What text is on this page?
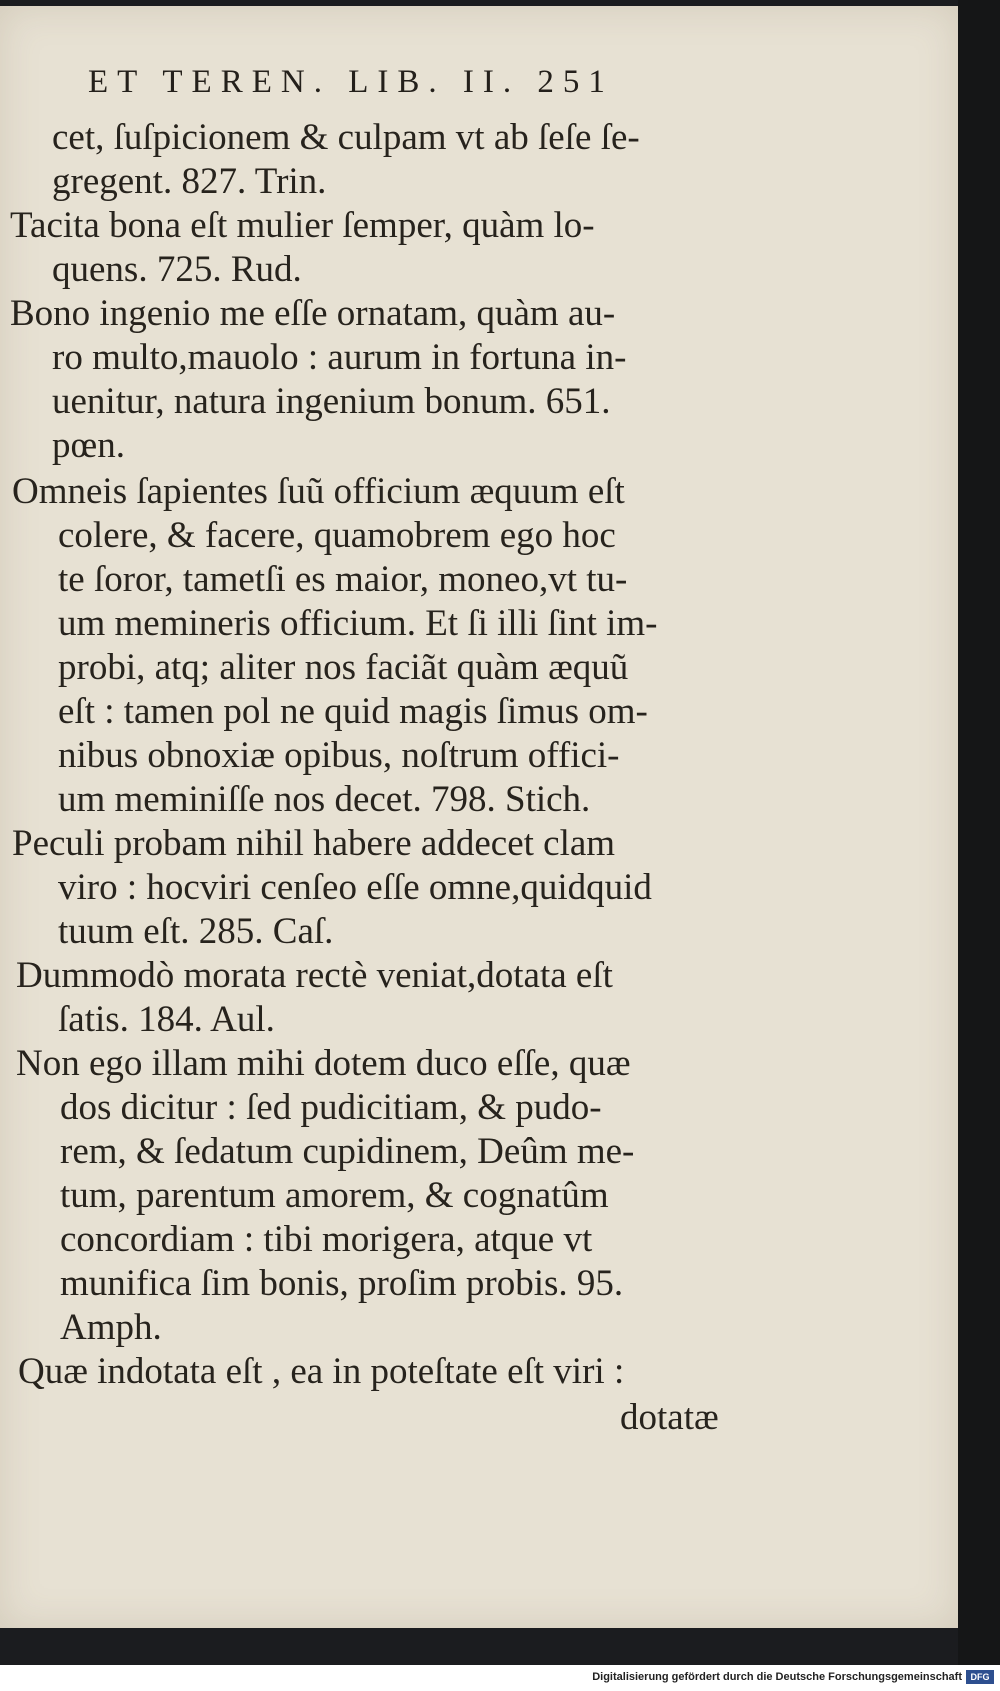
ET TEREN. LIB. II. 251
cet, ſuſpicionem & culpam vt ab ſeſe ſe-
gregent. 827. Trin.
Tacita bona eſt mulier ſemper, quàm lo-
quens. 725. Rud.
Bono ingenio me eſſe ornatam, quàm au-
ro multo,mauolo : aurum in fortuna in-
uenitur, natura ingenium bonum. 651.
pœn.
Omneis ſapientes ſuũ officium æquum eſt
colere, & facere, quamobrem ego hoc
te ſoror, tametſi es maior, moneo,vt tu-
um memineris officium. Et ſi illi ſint im-
probi, atq; aliter nos faciãt quàm æquũ
eſt : tamen pol ne quid magis ſimus om-
nibus obnoxiæ opibus, noſtrum offici-
um meminiſſe nos decet. 798. Stich.
Peculi probam nihil habere addecet clam
viro : hocviri cenſeo eſſe omne,quidquid
tuum eſt. 285. Caſ.
Dummodò morata rectè veniat,dotata eſt
ſatis. 184. Aul.
Non ego illam mihi dotem duco eſſe, quæ
dos dicitur : ſed pudicitiam, & pudo-
rem, & ſedatum cupidinem, Deûm me-
tum, parentum amorem, & cognatûm
concordiam : tibi morigera, atque vt
munifica ſim bonis, proſim probis. 95.
Amph.
Quæ indotata eſt , ea in poteſtate eſt viri :
dotatæ
Digitalisierung gefördert durch die Deutsche Forschungsgemeinschaft DFG
